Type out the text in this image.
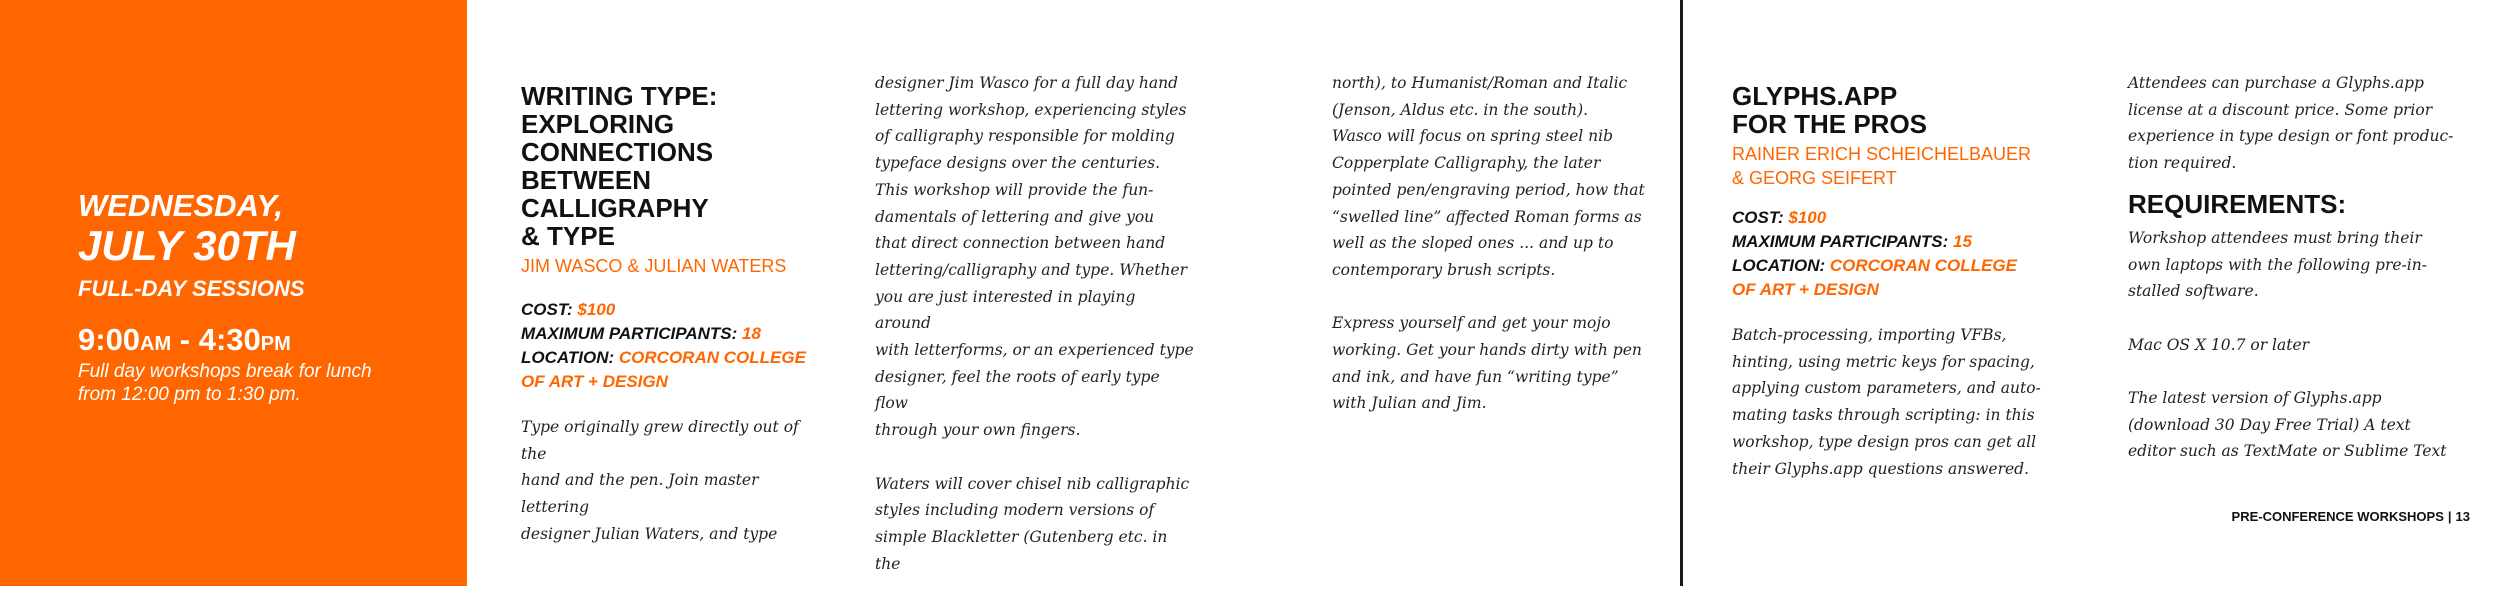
WEDNESDAY,
JULY 30TH
FULL-DAY SESSIONS
9:00AM - 4:30PM
Full day workshops break for lunch from 12:00 pm to 1:30 pm.
WRITING TYPE:
EXPLORING
CONNECTIONS
BETWEEN
CALLIGRAPHY
& TYPE
JIM WASCO & JULIAN WATERS
COST: $100
MAXIMUM PARTICIPANTS: 18
LOCATION: CORCORAN COLLEGE
OF ART + DESIGN

Type originally grew directly out of the
hand and the pen. Join master lettering
designer Julian Waters, and type

designer Jim Wasco for a full day hand
lettering workshop, experiencing styles
of calligraphy responsible for molding
typeface designs over the centuries.
This workshop will provide the fun-
damentals of lettering and give you
that direct connection between hand
lettering/calligraphy and type. Whether
you are just interested in playing around
with letterforms, or an experienced type
designer, feel the roots of early type flow
through your own fingers.

Waters will cover chisel nib calligraphic
styles including modern versions of
simple Blackletter (Gutenberg etc. in the

north), to Humanist/Roman and Italic
(Jenson, Aldus etc. in the south).
Wasco will focus on spring steel nib
Copperplate Calligraphy, the later
pointed pen/engraving period, how that
“swelled line” affected Roman forms as
well as the sloped ones ... and up to
contemporary brush scripts.

Express yourself and get your mojo
working. Get your hands dirty with pen
and ink, and have fun “writing type”
with Julian and Jim.

GLYPHS.APP
FOR THE PROS
RAINER ERICH SCHEICHELBAUER
& GEORG SEIFERT
COST: $100
MAXIMUM PARTICIPANTS: 15
LOCATION: CORCORAN COLLEGE
OF ART + DESIGN

Batch-processing, importing VFBs,
hinting, using metric keys for spacing,
applying custom parameters, and auto-
mating tasks through scripting: in this
workshop, type design pros can get all
their Glyphs.app questions answered.

Attendees can purchase a Glyphs.app
license at a discount price. Some prior
experience in type design or font produc-
tion required.

REQUIREMENTS:

Workshop attendees must bring their
own laptops with the following pre-in-
stalled software.

Mac OS X 10.7 or later

The latest version of Glyphs.app
(download 30 Day Free Trial) A text
editor such as TextMate or Sublime Text

PRE-CONFERENCE WORKSHOPS | 13
